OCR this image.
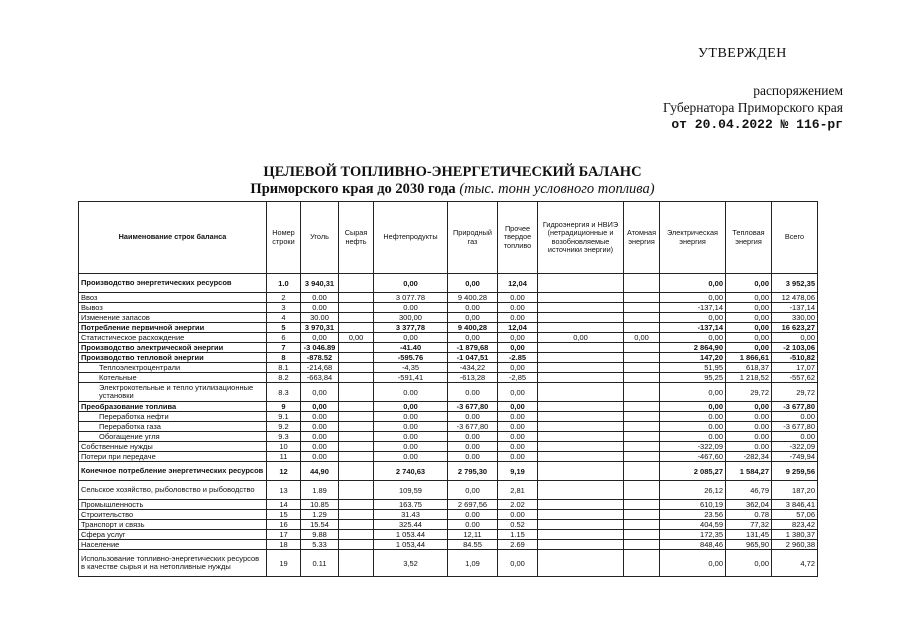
УТВЕРЖДЕН
распоряжением
Губернатора Приморского края
от 20.04.2022 № 116-рг
ЦЕЛЕВОЙ ТОПЛИВНО-ЭНЕРГЕТИЧЕСКИЙ БАЛАНС
Приморского края до 2030 года (тыс. тонн условного топлива)
Наименование строк баланса	Номер строки	Уголь	Сырая нефть	Нефтепродукты	Природный газ	Прочее твердое топливо	Гидроэнергия и НВИЭ (нетрадиционные и возобновляемые источники энергии)	Атомная энергия	Электрическая энергия	Тепловая энергия	Всего
Производство энергетических ресурсов	1.0	3 940,31		0,00	0,00	12,04			0,00	0,00	3 952,35
Ввоз	2	0.00		3 077.78	9 400.28	0.00			0,00	0,00	12 478,06
Вывоз	3	0.00		0.00	0.00	0.00			-137,14	0,00	-137,14
Изменение запасов	4	30.00		300,00	0,00	0.00			0,00	0,00	330,00
Потребление первичной энергии	5	3 970,31		3 377,78	9 400,28	12,04			-137,14	0,00	16 623,27
Статистическое расхождение	6	0,00	0,00	0,00	0,00	0,00	0,00	0,00	0,00	0,00	0,00
Производство электрической энергии	7	-3 046.89		-41.40	-1 879,68	0,00			2 864,90	0,00	-2 103,06
Производство тепловой энергии	8	-878.52		-595.76	-1 047,51	-2.85			147,20	1 866,61	-510,82
Теплоэлектроцентрали	8.1	-214,68		-4,35	-434,22	0,00			51,95	618,37	17,07
Котельные	8.2	-663,84		-591,41	-613,28	-2,85			95,25	1 218,52	-557,62
Электрокотельные и тепло утилизационные установки	8.3	0,00		0.00	0.00	0,00			0,00	29,72	29,72
Преобразование топлива	9	0,00		0,00	-3 677,80	0,00			0,00	0,00	-3 677,80
Переработка нефти	9.1	0.00		0.00	0.00	0.00			0.00	0.00	0.00
Переработка газа	9.2	0.00		0.00	-3 677,80	0.00			0.00	0.00	-3 677,80
Обогащение угля	9.3	0.00		0.00	0.00	0.00			0.00	0.00	0.00
Собственные нужды	10	0.00		0.00	0.00	0.00			-322,09	0.00	-322,09
Потери при передаче	11	0.00		0.00	0.00	0.00			-467,60	-282,34	-749,94
Конечное потребление энергетических ресурсов	12	44,90		2 740,63	2 795,30	9,19			2 085,27	1 584,27	9 259,56
Сельское хозяйство, рыболовство и рыбоводство	13	1.89		109,59	0,00	2,81			26,12	46,79	187,20
Промышленность	14	10.85		163.75	2 697,56	2.02			610,19	362,04	3 846,41
Строительство	15	1.29		31.43	0.00	0.00			23.56	0.78	57,06
Транспорт и связь	16	15.54		325.44	0.00	0.52			404,59	77,32	823,42
Сфера услуг	17	9.88		1 053.44	12,11	1.15			172,35	131,45	1 380,37
Население	18	5.33		1 053,44	84.55	2.69			848,46	965,90	2 960,38
Использование топливно-энергетических ресурсов в качестве сырья и на нетопливные нужды	19	0.11		3,52	1,09	0,00			0,00	0,00	4,72
